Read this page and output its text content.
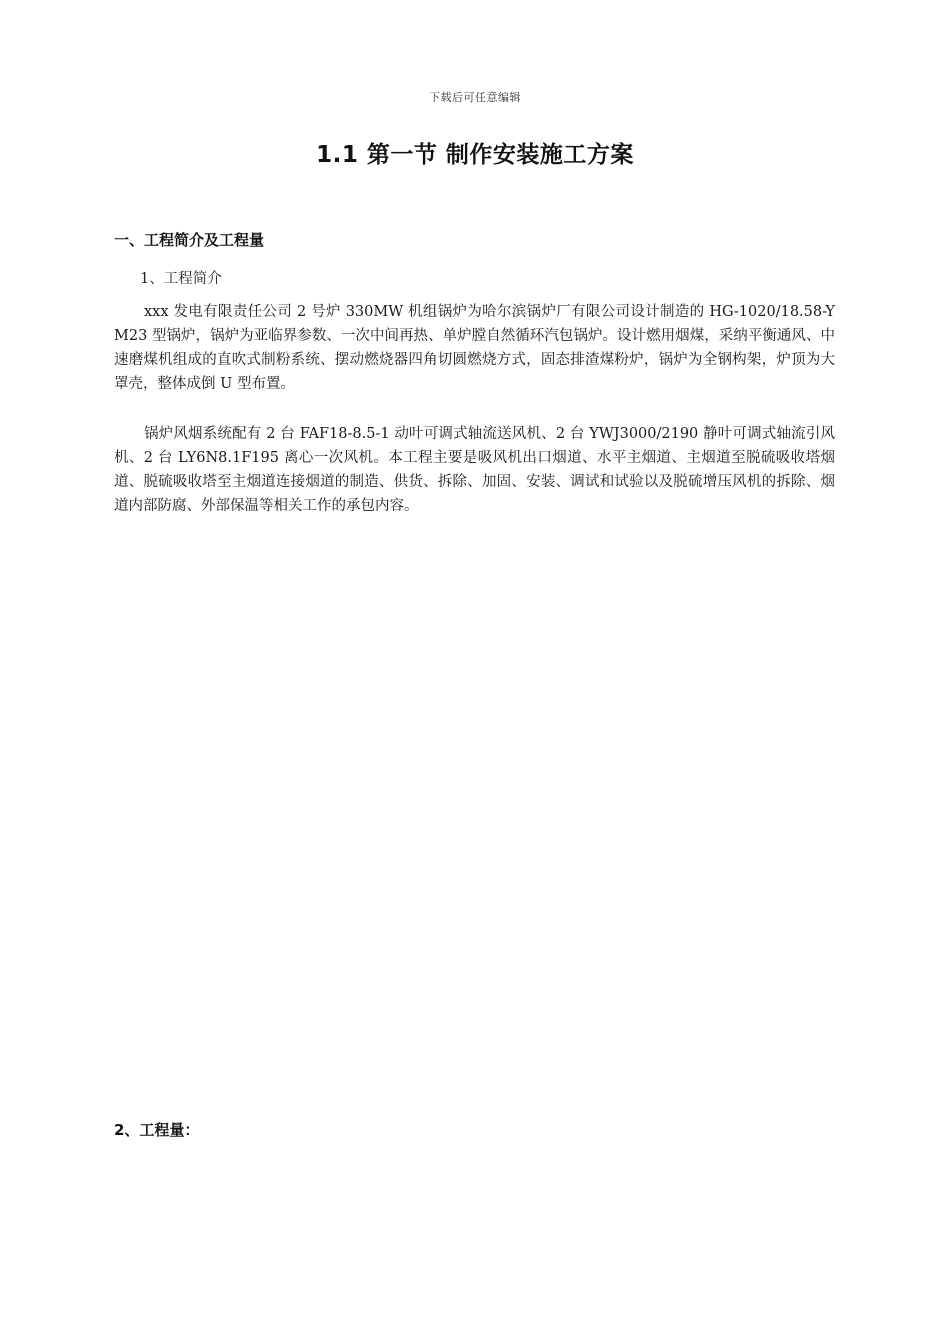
下载后可任意编辑
1.1 第一节 制作安装施工方案
一、工程简介及工程量
1、工程简介

xxx 发电有限责任公司 2 号炉 330MW 机组锅炉为哈尔滨锅炉厂有限公司设计制造的 HG-1020/18.58-YM23 型锅炉，锅炉为亚临界参数、一次中间再热、单炉膛自然循环汽包锅炉。设计燃用烟煤，采纳平衡通风、中速磨煤机组成的直吹式制粉系统、摆动燃烧器四角切圆燃烧方式，固态排渣煤粉炉，锅炉为全钢构架，炉顶为大罩壳，整体成倒 U 型布置。

锅炉风烟系统配有 2 台 FAF18-8.5-1 动叶可调式轴流送风机、2 台 YWJ3000/2190 静叶可调式轴流引风机、2 台 LY6N8.1F195 离心一次风机。本工程主要是吸风机出口烟道、水平主烟道、主烟道至脱硫吸收塔烟道、脱硫吸收塔至主烟道连接烟道的制造、供货、拆除、加固、安装、调试和试验以及脱硫增压风机的拆除、烟道内部防腐、外部保温等相关工作的承包内容。

2、工程量：
